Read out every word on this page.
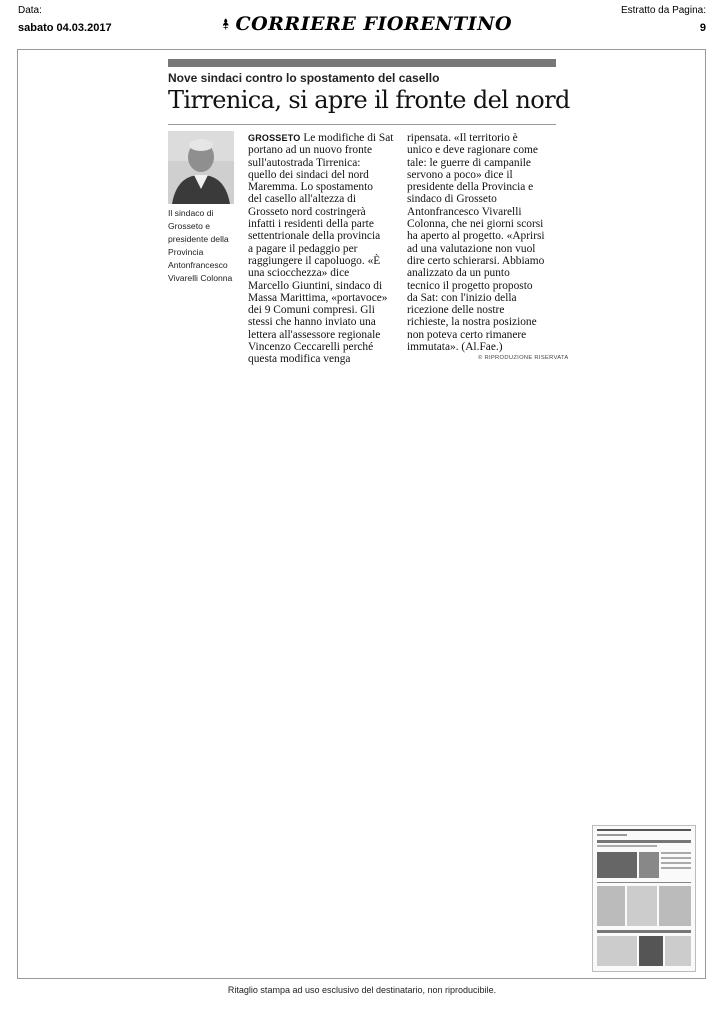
Data:
sabato 04.03.2017	CORRIERE FIORENTINO
Estratto da Pagina:
9
Nove sindaci contro lo spostamento del casello
Tirrenica, si apre il fronte del nord
Il sindaco di
Grosseto e
presidente della
Provincia
Antonfrancesco
Vivarelli Colonna

GROSSETO Le modifiche di Sat

portano ad un nuovo fronte

sull'autostrada Tirrenica:

quello dei sindaci del nord

Maremma. Lo spostamento

del casello all'altezza di

Grosseto nord costringerà

infatti i residenti della parte

settentrionale della provincia

a pagare il pedaggio per

raggiungere il capoluogo. «È

una sciocchezza» dice

Marcello Giuntini, sindaco di

Massa Marittima, «portavoce»

dei 9 Comuni compresi. Gli

stessi che hanno inviato una

lettera all'assessore regionale

Vincenzo Ceccarelli perché

questa modifica venga

ripensata. «Il territorio è

unico e deve ragionare come

tale: le guerre di campanile

servono a poco» dice il

presidente della Provincia e

sindaco di Grosseto

Antonfrancesco Vivarelli

Colonna, che nei giorni scorsi

ha aperto al progetto. «Aprirsi

ad una valutazione non vuol

dire certo schierarsi. Abbiamo

analizzato da un punto

tecnico il progetto proposto

da Sat: con l'inizio della

ricezione delle nostre

richieste, la nostra posizione

non poteva certo rimanere

immutata». (Al.Fae.)

© RIPRODUZIONE RISERVATA
Ritaglio stampa ad uso esclusivo del destinatario, non riproducibile.
